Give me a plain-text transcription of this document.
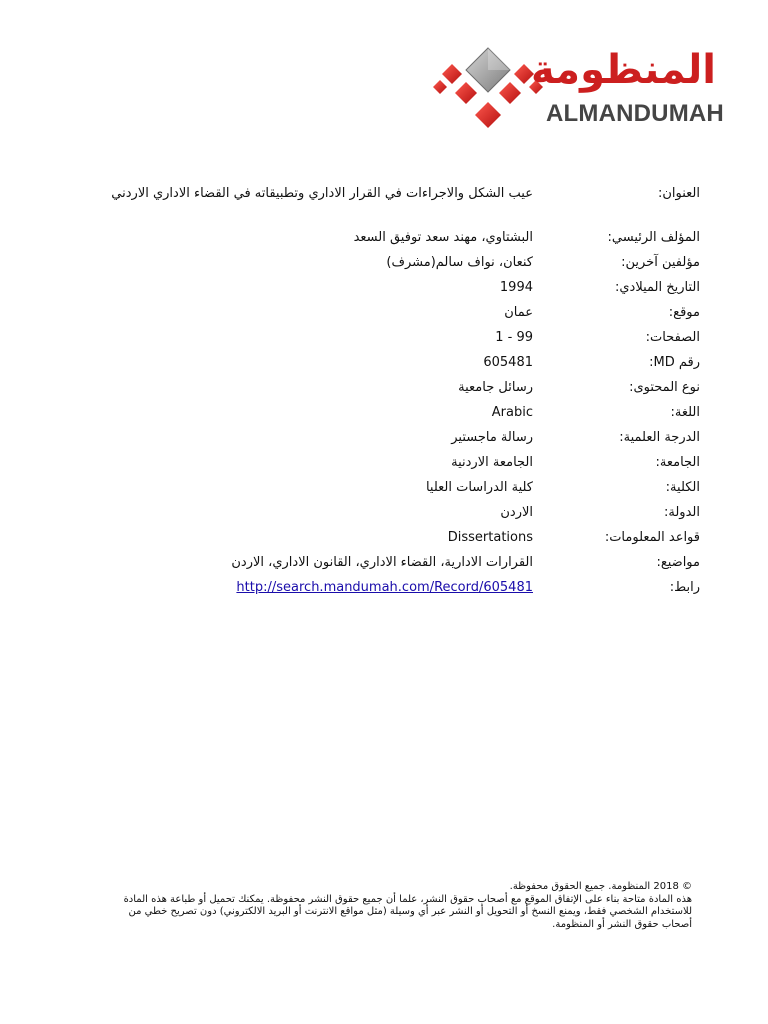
المنظومة
ALMANDUMAH
العنوان:
عيب الشكل والاجراءات في القرار الاداري وتطبيقاته في القضاء الاداري الاردني
المؤلف الرئيسي:
البشتاوي، مهند سعد توفيق السعد
مؤلفين آخرين:
كنعان، نواف سالم(مشرف)
التاريخ الميلادي:
1994
موقع:
عمان
الصفحات:
1 - 99
رقم MD:
605481
نوع المحتوى:
رسائل جامعية
اللغة:
Arabic
الدرجة العلمية:
رسالة ماجستير
الجامعة:
الجامعة الاردنية
الكلية:
كلية الدراسات العليا
الدولة:
الاردن
قواعد المعلومات:
Dissertations
مواضيع:
القرارات الادارية، القضاء الاداري، القانون الاداري، الاردن
رابط:
http://search.mandumah.com/Record/605481

© 2018 المنظومة. جميع الحقوق محفوظة.

هذه المادة متاحة بناء على الإتفاق الموقع مع أصحاب حقوق النشر، علما أن جميع حقوق النشر محفوظة. يمكنك تحميل أو طباعة هذه المادة

للاستخدام الشخصي فقط، ويمنع النسخ أو التحويل أو النشر عبر أي وسيلة (مثل مواقع الانترنت أو البريد الالكتروني) دون تصريح خطي من

أصحاب حقوق النشر أو المنظومة.
